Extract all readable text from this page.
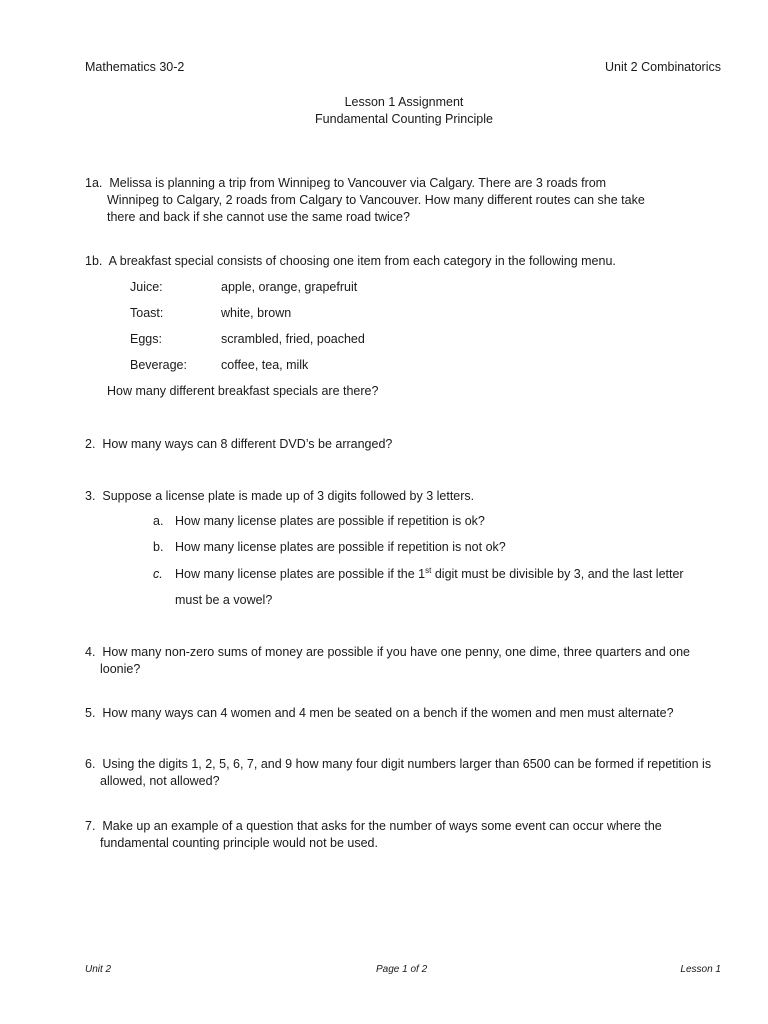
Mathematics 30-2	Unit 2 Combinatorics
Lesson 1 Assignment
Fundamental Counting Principle
1a. Melissa is planning a trip from Winnipeg to Vancouver via Calgary. There are 3 roads from
Winnipeg to Calgary, 2 roads from Calgary to Vancouver. How many different routes can she take
there and back if she cannot use the same road twice?
1b. A breakfast special consists of choosing one item from each category in the following menu.
Juice:	apple, orange, grapefruit
Toast:	white, brown
Eggs:	scrambled, fried, poached
Beverage:	coffee, tea, milk
How many different breakfast specials are there?
2. How many ways can 8 different DVD’s be arranged?
3. Suppose a license plate is made up of 3 digits followed by 3 letters.
a. How many license plates are possible if repetition is ok?
b. How many license plates are possible if repetition is not ok?
c. How many license plates are possible if the 1st digit must be divisible by 3, and the last letter
must be a vowel?
4. How many non-zero sums of money are possible if you have one penny, one dime, three quarters and one
loonie?
5. How many ways can 4 women and 4 men be seated on a bench if the women and men must alternate?
6. Using the digits 1, 2, 5, 6, 7, and 9 how many four digit numbers larger than 6500 can be formed if repetition is
allowed, not allowed?
7. Make up an example of a question that asks for the number of ways some event can occur where the
fundamental counting principle would not be used.
Unit 2	Page 1 of 2	Lesson 1
